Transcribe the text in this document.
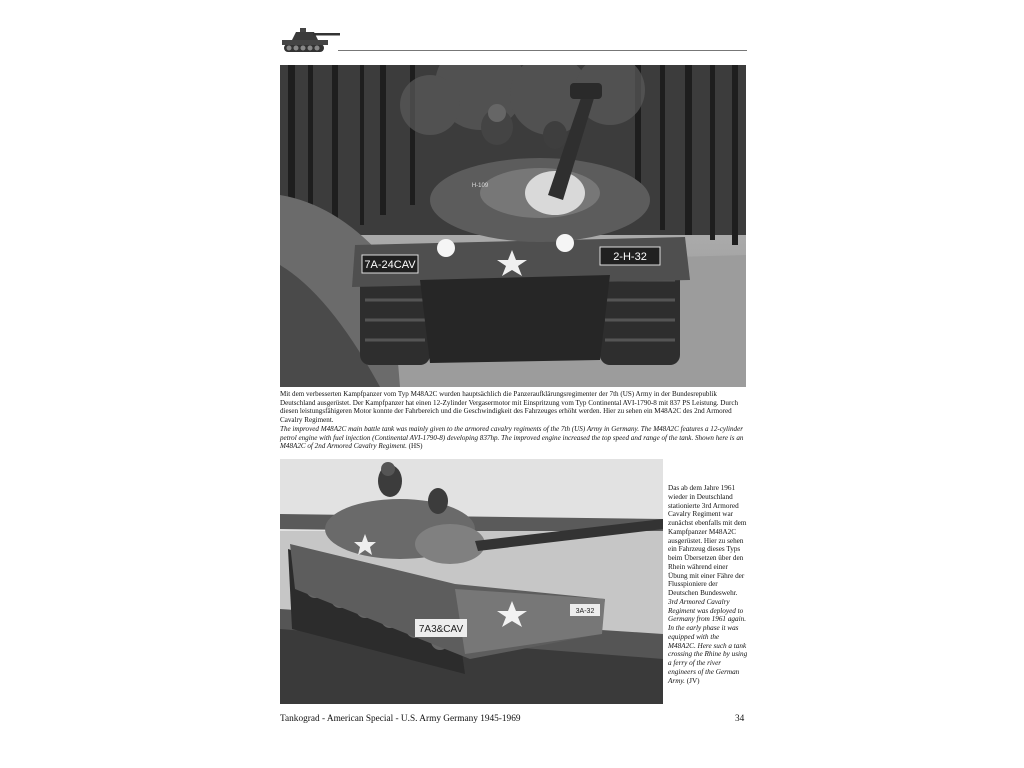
7A-24CAV
2-H-32
H-109

Mit dem verbesserten Kampfpanzer vom Typ M48A2C wurden hauptsächlich die Panzeraufklärungsregimenter der 7th (US) Army in der Bundesrepublik Deutschland ausgerüstet. Der Kampfpanzer hat einen 12-Zylinder Vergasermotor mit Einspritzung vom Typ Continental AVI-1790-8 mit 837 PS Leistung. Durch diesen leistungsfähigeren Motor konnte der Fahrbereich und die Geschwindigkeit des Fahrzeuges erhöht werden. Hier zu sehen ein M48A2C des 2nd Armored Cavalry Regiment.

The improved M48A2C main battle tank was mainly given to the armored cavalry regiments of the 7th (US) Army in Germany. The M48A2C features a 12-cylinder petrol engine with fuel injection (Continental AVI-1790-8) developing 837hp. The improved engine increased the top speed and range of the tank. Shown here is an M48A2C of 2nd Armored Cavalry Regiment. (HS)

7A3&CAV
3A-32

Das ab dem Jahre 1961 wieder in Deutschland stationierte 3rd Armored Cavalry Regiment war zunächst ebenfalls mit dem Kampfpanzer M48A2C ausgerüstet. Hier zu sehen ein Fahrzeug dieses Typs beim Übersetzen über den Rhein während einer Übung mit einer Fähre der Flusspioniere der Deutschen Bundeswehr.

3rd Armored Cavalry Regiment was deployed to Germany from 1961 again. In the early phase it was equipped with the M48A2C. Here such a tank crossing the Rhine by using a ferry of the river engineers of the German Army. (JV)

Tankograd - American Special - U.S. Army Germany 1945-1969	34
